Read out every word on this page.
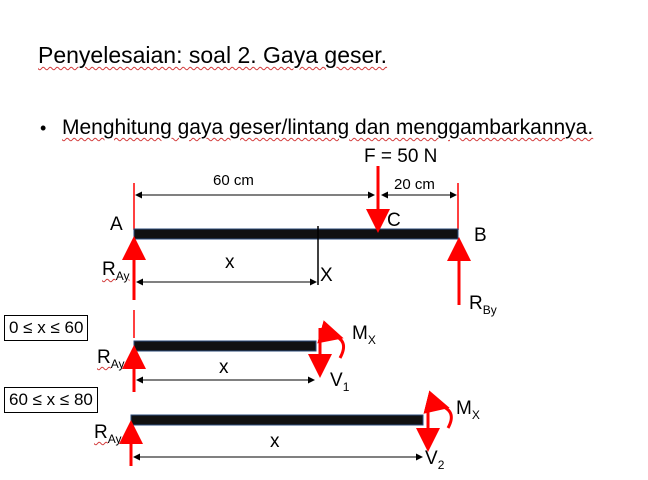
Penyelesaian: soal 2. Gaya geser.
• Menghitung gaya geser/lintang dan menggambarkannya.
F = 50 N
60 cm	20 cm
A	C
B
x
X
$R_{Ay}$
$R_{By}$
0 ≤ x ≤ 60
$R_{Ay}$	x
$M_X$
$V_1$
60 ≤ x ≤ 80
$R_{Ay}$	x
$M_X$
$V_2$
